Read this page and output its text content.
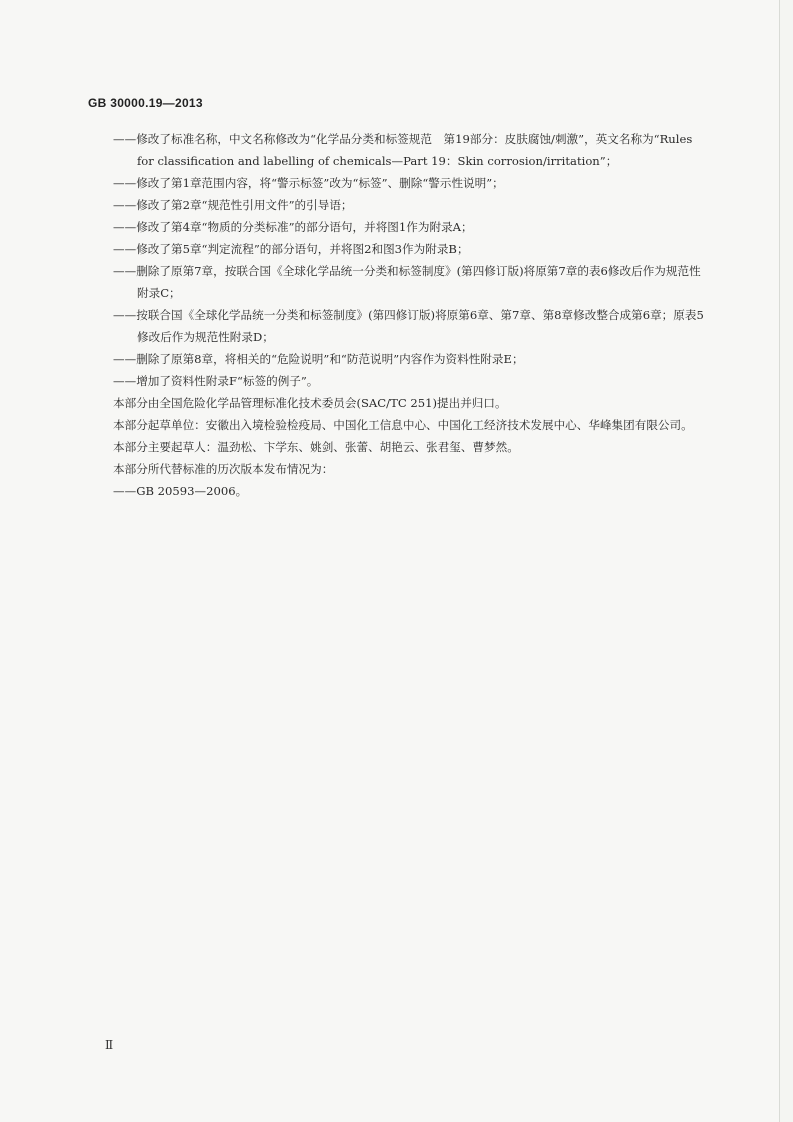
GB 30000.19—2013

——修改了标准名称，中文名称修改为“化学品分类和标签规范　第19部分：皮肤腐蚀/刺激”，英文名称为“Rules for classification and labelling of chemicals—Part 19：Skin corrosion/irritation”；

——修改了第1章范围内容，将“警示标签”改为“标签”、删除“警示性说明”；

——修改了第2章“规范性引用文件”的引导语；

——修改了第4章“物质的分类标准”的部分语句，并将图1作为附录A；

——修改了第5章“判定流程”的部分语句，并将图2和图3作为附录B；

——删除了原第7章，按联合国《全球化学品统一分类和标签制度》(第四修订版)将原第7章的表6修改后作为规范性附录C；

——按联合国《全球化学品统一分类和标签制度》(第四修订版)将原第6章、第7章、第8章修改整合成第6章；原表5修改后作为规范性附录D；

——删除了原第8章，将相关的“危险说明”和“防范说明”内容作为资料性附录E；

——增加了资料性附录F“标签的例子”。

本部分由全国危险化学品管理标准化技术委员会(SAC/TC 251)提出并归口。

本部分起草单位：安徽出入境检验检疫局、中国化工信息中心、中国化工经济技术发展中心、华峰集团有限公司。

本部分主要起草人：温劲松、卞学东、姚剑、张蕾、胡艳云、张君玺、曹梦然。

本部分所代替标准的历次版本发布情况为：

——GB 20593—2006。

Ⅱ
